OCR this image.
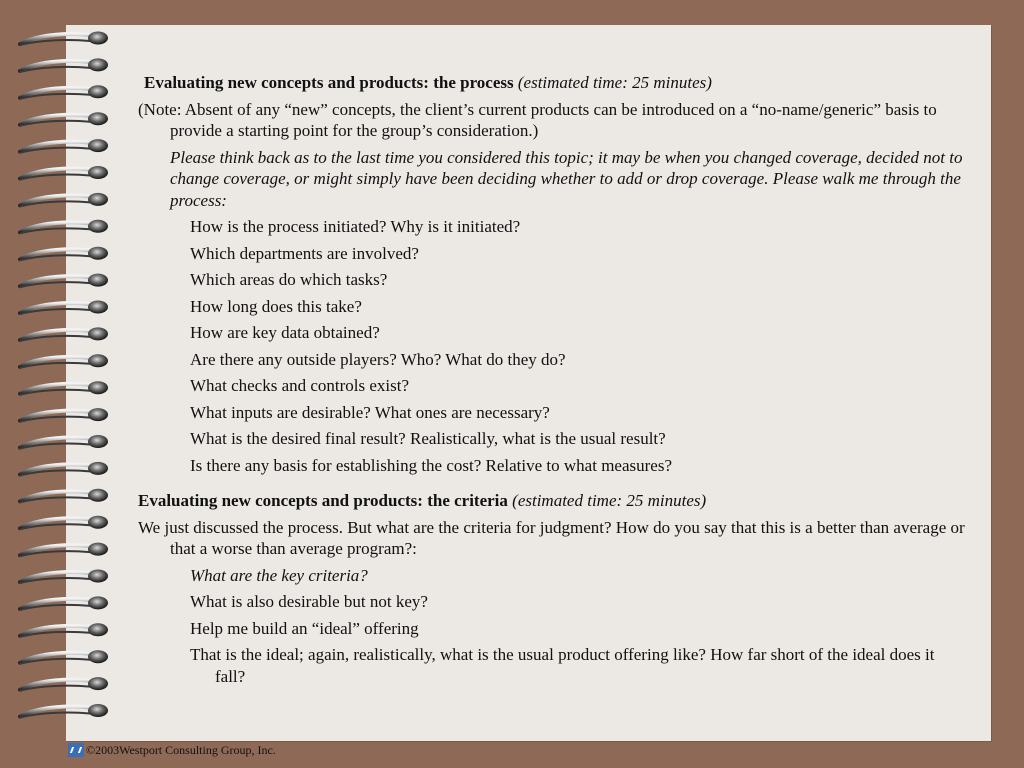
Evaluating new concepts and products: the process (estimated time: 25 minutes)

(Note: Absent of any “new” concepts, the client’s current products can be introduced on a “no-name/generic” basis to provide a starting point for the group’s consideration.)

Please think back as to the last time you considered this topic; it may be when you changed coverage, decided not to change coverage, or might simply have been deciding whether to add or drop coverage. Please walk me through the process:

How is the process initiated? Why is it initiated?
Which departments are involved?
Which areas do which tasks?
How long does this take?
How are key data obtained?
Are there any outside players? Who? What do they do?
What checks and controls exist?
What inputs are desirable? What ones are necessary?
What is the desired final result? Realistically, what is the usual result?
Is there any basis for establishing the cost? Relative to what measures?

Evaluating new concepts and products: the criteria (estimated time: 25 minutes)

We just discussed the process. But what are the criteria for judgment? How do you say that this is a better than average or that a worse than average program?:

What are the key criteria?
What is also desirable but not key?
Help me build an “ideal” offering
That is the ideal; again, realistically, what is the usual product offering like? How far short of the ideal does it fall?
©2003Westport Consulting Group, Inc.
